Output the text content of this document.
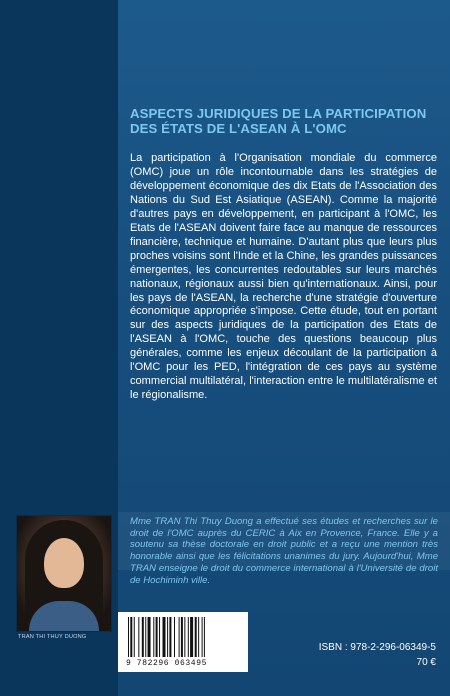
ASPECTS JURIDIQUES DE LA PARTICIPATION
DES ÉTATS DE L'ASEAN À L'OMC

La participation à l'Organisation mondiale du commerce (OMC) joue un rôle incontournable dans les stratégies de développement économique des dix Etats de l'Association des Nations du Sud Est Asiatique (ASEAN). Comme la majorité d'autres pays en développement, en participant à l'OMC, les Etats de l'ASEAN doivent faire face au manque de ressources financière, technique et humaine. D'autant plus que leurs plus proches voisins sont l'Inde et la Chine, les grandes puissances émergentes, les concurrentes redoutables sur leurs marchés nationaux, régionaux aussi bien qu'internationaux. Ainsi, pour les pays de l'ASEAN, la recherche d'une stratégie d'ouverture économique appropriée s'impose. Cette étude, tout en portant sur des aspects juridiques de la participation des Etats de l'ASEAN à l'OMC, touche des questions beaucoup plus générales, comme les enjeux découlant de la participation à l'OMC pour les PED, l'intégration de ces pays au système commercial multilatéral, l'interaction entre le multilatéralisme et le régionalisme.

Mme TRAN Thi Thuy Duong a effectué ses études et recherches sur le droit de l'OMC auprès du CERIC à Aix en Provence, France. Elle y a soutenu sa thèse doctorale en droit public et a reçu une mention très honorable ainsi que les félicitations unanimes du jury. Aujourd'hui, Mme TRAN enseigne le droit du commerce international à l'Université de droit de Hochiminh ville.

TRAN THI THUY DUONG
9 782296 063495
ISBN : 978-2-296-06349-5
70 €
